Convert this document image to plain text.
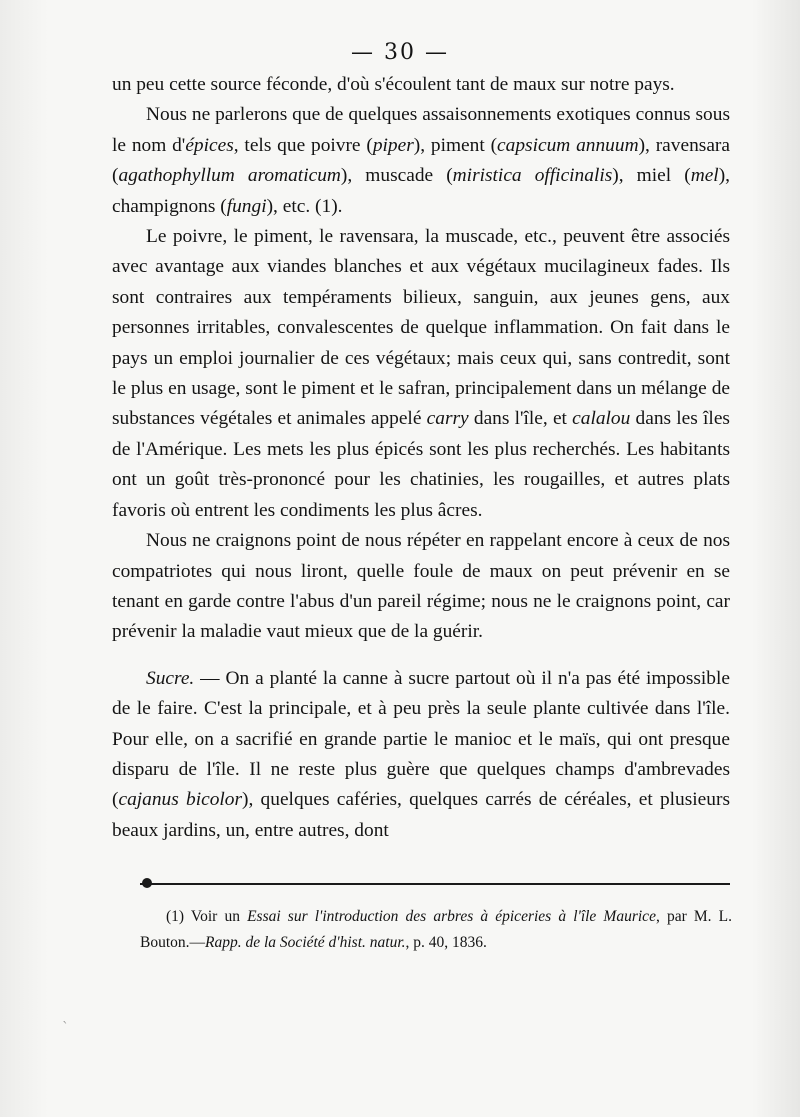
— 30 —

un peu cette source féconde, d'où s'écoulent tant de maux sur notre pays.

Nous ne parlerons que de quelques assaisonnements exotiques connus sous le nom d'épices, tels que poivre (piper), piment (capsicum annuum), ravensara (agathophyllum aromaticum), muscade (miristica officinalis), miel (mel), champignons (fungi), etc. (1).

Le poivre, le piment, le ravensara, la muscade, etc., peuvent être associés avec avantage aux viandes blanches et aux végétaux mucilagineux fades. Ils sont contraires aux tempéraments bilieux, sanguin, aux jeunes gens, aux personnes irritables, convalescentes de quelque inflammation. On fait dans le pays un emploi journalier de ces végétaux; mais ceux qui, sans contredit, sont le plus en usage, sont le piment et le safran, principalement dans un mélange de substances végétales et animales appelé carry dans l'île, et calalou dans les îles de l'Amérique. Les mets les plus épicés sont les plus recherchés. Les habitants ont un goût très-prononcé pour les chatinies, les rougailles, et autres plats favoris où entrent les condiments les plus âcres.

Nous ne craignons point de nous répéter en rappelant encore à ceux de nos compatriotes qui nous liront, quelle foule de maux on peut prévenir en se tenant en garde contre l'abus d'un pareil régime; nous ne le craignons point, car prévenir la maladie vaut mieux que de la guérir.

Sucre. — On a planté la canne à sucre partout où il n'a pas été impossible de le faire. C'est la principale, et à peu près la seule plante cultivée dans l'île. Pour elle, on a sacrifié en grande partie le manioc et le maïs, qui ont presque disparu de l'île. Il ne reste plus guère que quelques champs d'ambrevades (cajanus bicolor), quelques caféries, quelques carrés de céréales, et plusieurs beaux jardins, un, entre autres, dont

(1) Voir un Essai sur l'introduction des arbres à épiceries à l'île Maurice, par M. L. Bouton.—Rapp. de la Société d'hist. natur., p. 40, 1836.

`
